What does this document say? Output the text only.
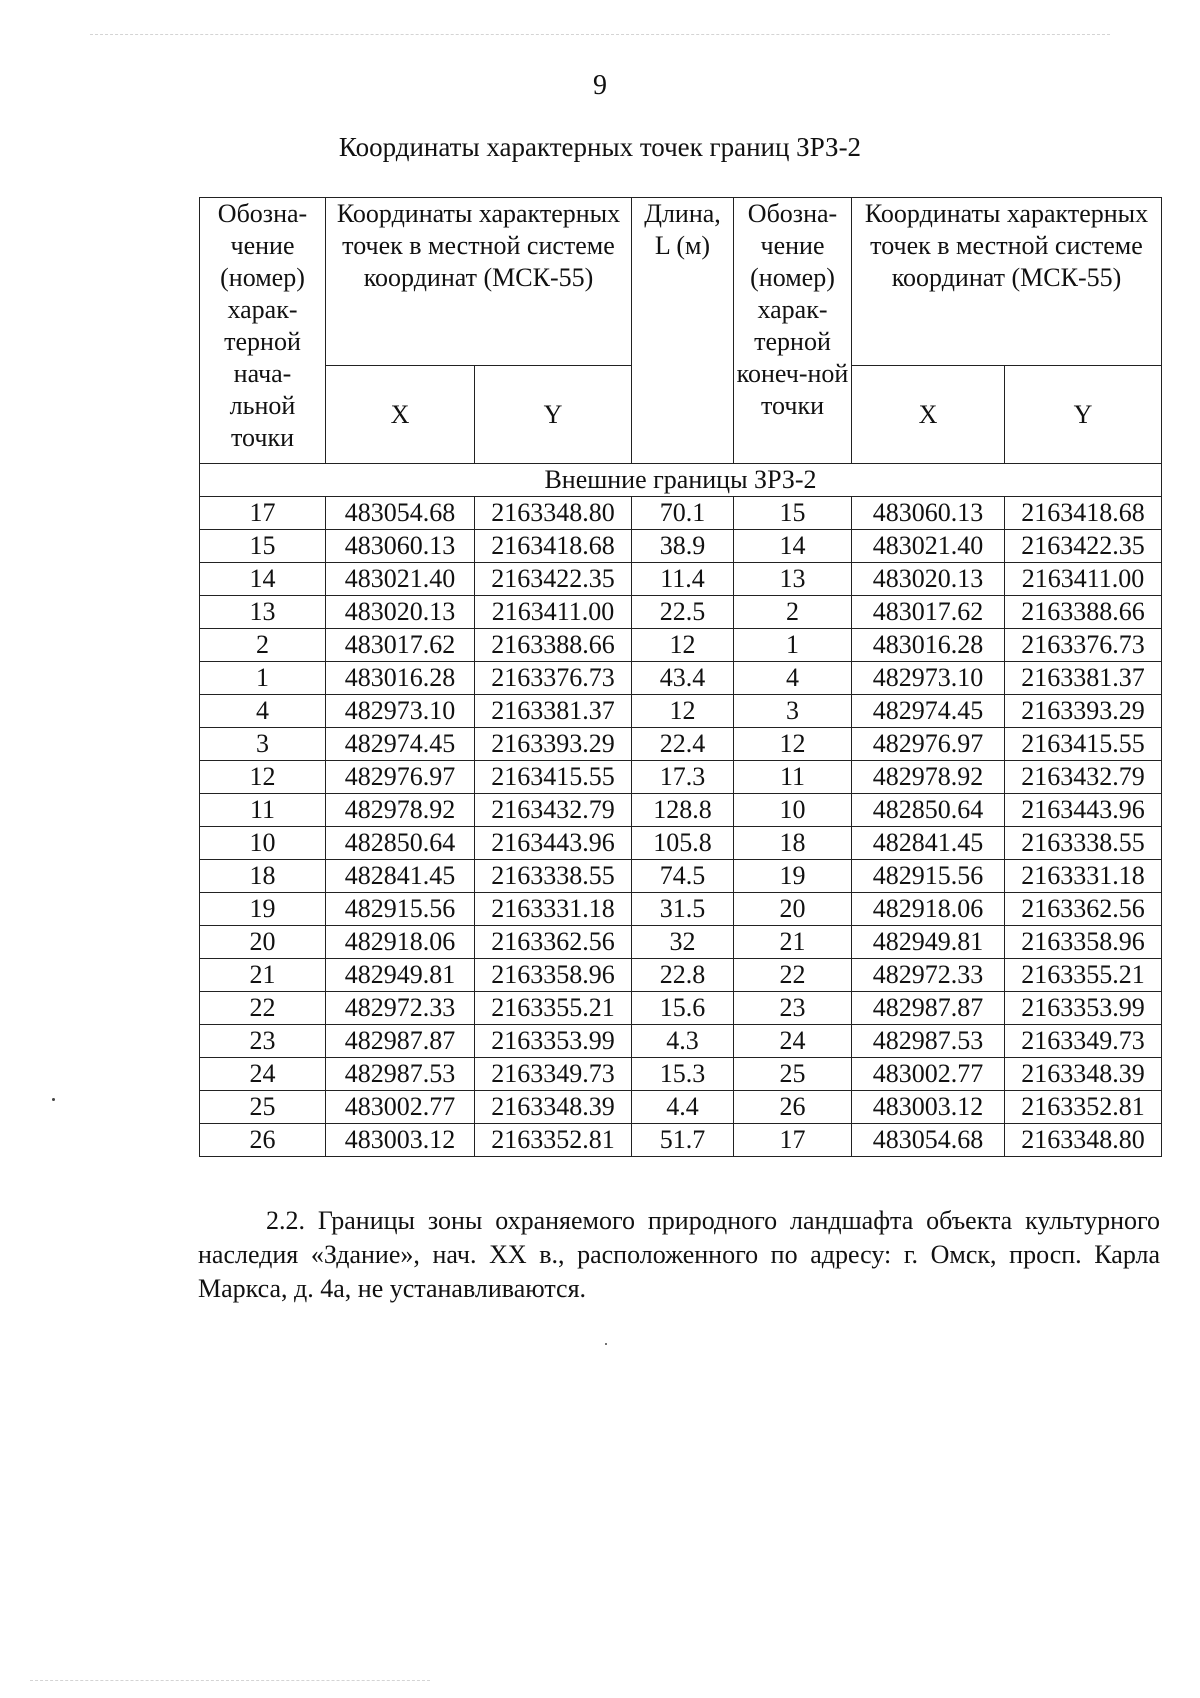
9
Координаты характерных точек границ ЗРЗ-2
Обозна-чение (номер) харак-терной нача-льной точки	Координаты характерных точек в местной системе координат (МСК-55)		Длина, L (м)	Обозна-чение (номер) харак-терной конеч-ной точки	Координаты характерных точек в местной системе координат (МСК-55)	
	X	Y			X	Y
Внешние границы ЗРЗ-2						
17	483054.68	2163348.80	70.1	15	483060.13	2163418.68
15	483060.13	2163418.68	38.9	14	483021.40	2163422.35
14	483021.40	2163422.35	11.4	13	483020.13	2163411.00
13	483020.13	2163411.00	22.5	2	483017.62	2163388.66
2	483017.62	2163388.66	12	1	483016.28	2163376.73
1	483016.28	2163376.73	43.4	4	482973.10	2163381.37
4	482973.10	2163381.37	12	3	482974.45	2163393.29
3	482974.45	2163393.29	22.4	12	482976.97	2163415.55
12	482976.97	2163415.55	17.3	11	482978.92	2163432.79
11	482978.92	2163432.79	128.8	10	482850.64	2163443.96
10	482850.64	2163443.96	105.8	18	482841.45	2163338.55
18	482841.45	2163338.55	74.5	19	482915.56	2163331.18
19	482915.56	2163331.18	31.5	20	482918.06	2163362.56
20	482918.06	2163362.56	32	21	482949.81	2163358.96
21	482949.81	2163358.96	22.8	22	482972.33	2163355.21
22	482972.33	2163355.21	15.6	23	482987.87	2163353.99
23	482987.87	2163353.99	4.3	24	482987.53	2163349.73
24	482987.53	2163349.73	15.3	25	483002.77	2163348.39
25	483002.77	2163348.39	4.4	26	483003.12	2163352.81
26	483003.12	2163352.81	51.7	17	483054.68	2163348.80
2.2. Границы зоны охраняемого природного ландшафта объекта культурного наследия «Здание», нач. XX в., расположенного по адресу: г. Омск, просп. Карла Маркса, д. 4а, не устанавливаются.
